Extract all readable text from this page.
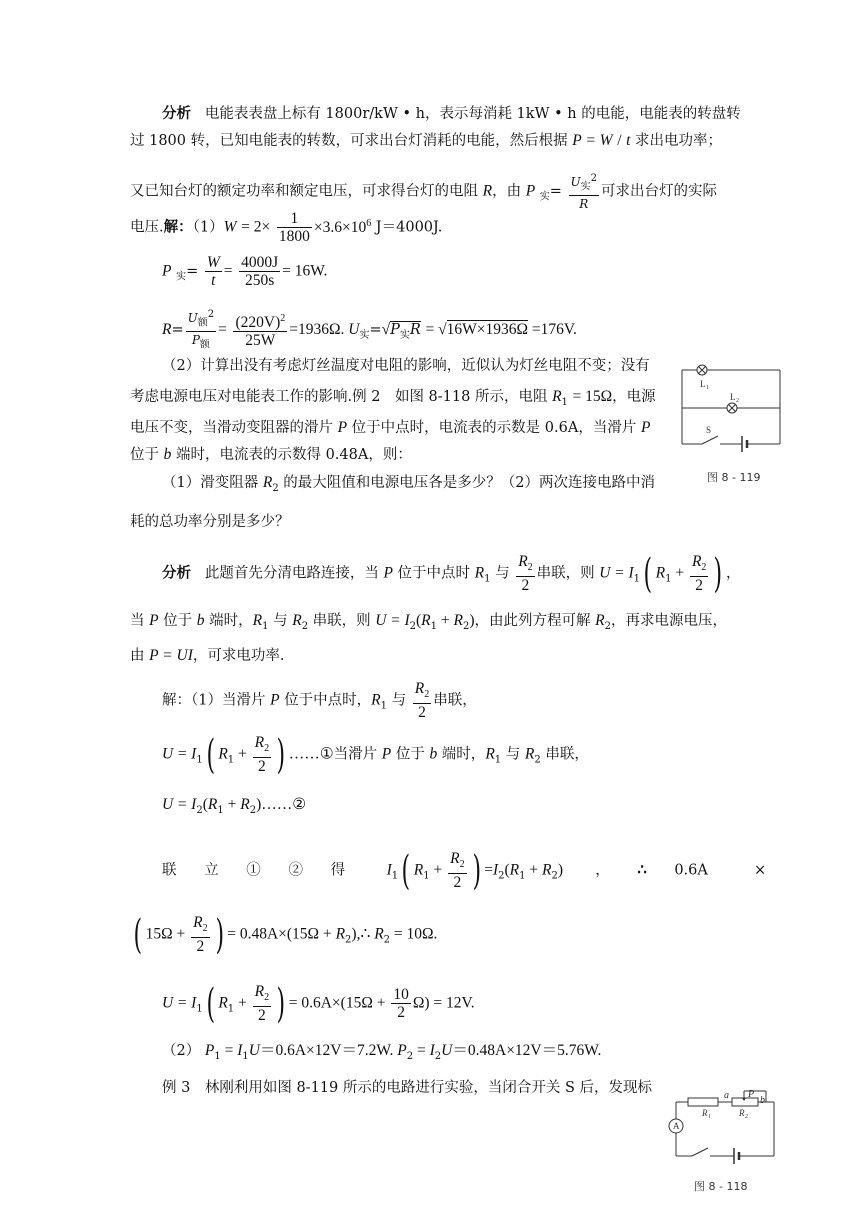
分析   电能表表盘上标有 1800r/kW • h，表示每消耗 1kW • h 的电能，电能表的转盘转
过 1800 转，已知电能表的转数，可求出台灯消耗的电能，然后根据 P = W / t 求出电功率；
又已知台灯的额定功率和额定电压，可求得台灯的电阻 R，由 P $_实= \frac{U_实^2}{R}$ 可求出台灯的实际
电压.解：$(1)W = 2\times \frac{1}{1800} \times 3.6\times 10^6$ J＝4000J.
P $_实= \frac{W}{t} = \frac{4000J}{250s} = 16W$.
$R= \frac{U_额^2}{P_额} = \frac{(220V)^2}{25W} =1936\Omega$. $U_实=√P_实R = √16W\times 1936\Omega =176V$.
（2）计算出没有考虑灯丝温度对电阻的影响，近似认为灯丝电阻不变；没有
考虑电源电压对电能表工作的影响.例 2　如图 8-118 所示，电阻 $R_1 = 15\Omega$，电源
电压不变，当滑动变阻器的滑片 P 位于中点时，电流表的示数是 0.6A，当滑片 P
位于 b 端时，电流表的示数得 0.48A，则：
（1）滑变阻器 $R_2$ 的最大阻值和电源电压各是多少？（2）两次连接电路中消
耗的总功率分别是多少？
L 1
L 2
S
图 8 - 119
分析   此题首先分清电路连接，当 P 位于中点时 $R_1$ 与 $\frac{R_2}{2}$ 串联，则 $U = I_1$( $R_1 + \frac{R_2}{2}$ ) ，
当 P 位于 b 端时，$R_1$ 与 $R_2$ 串联，则 $U = I_2(R_1 + R_2)$，由此列方程可解 $R_2$，再求电源电压，
由 P = UI，可求电功率.
解：（1）当滑片 P 位于中点时，$R_1$ 与 $\frac{R_2}{2}$ 串联，
$U = I_1$( $R_1 + \frac{R_2}{2}$ ) ……①当滑片 P 位于 b 端时，$R_1$ 与 $R_2$ 串联，
$U = I_2(R_1$ + $R_2)\dots\dots ②$
联      立      ①      ②      得         $I_1$( $R_1 + \frac{R_2}{2}$ ) $=I_2(R_1 + R_2)$       ，      ∴      0.6A          ×
( $15\Omega + \frac{R_2}{2}$ ) = $0.48A\times(15\Omega + R_2),\therefore$ $R_2 = 10\Omega$.
$U = I_1$( $R_1 + \frac{R_2}{2}$ ) = $0.6A\times(15\Omega + \frac{10}{2} \Omega) = 12V$.
（2） $P_1 = I_1U=0.6A\times 12V=7.2W$. $P_2 = I_2U=0.48A\times 12V=5.76W$.
例 3　林刚利用如图 8-119 所示的电路进行实验，当闭合开关 S 后，发现标
A
R 1	R 2
a	b
P
图 8 - 118
